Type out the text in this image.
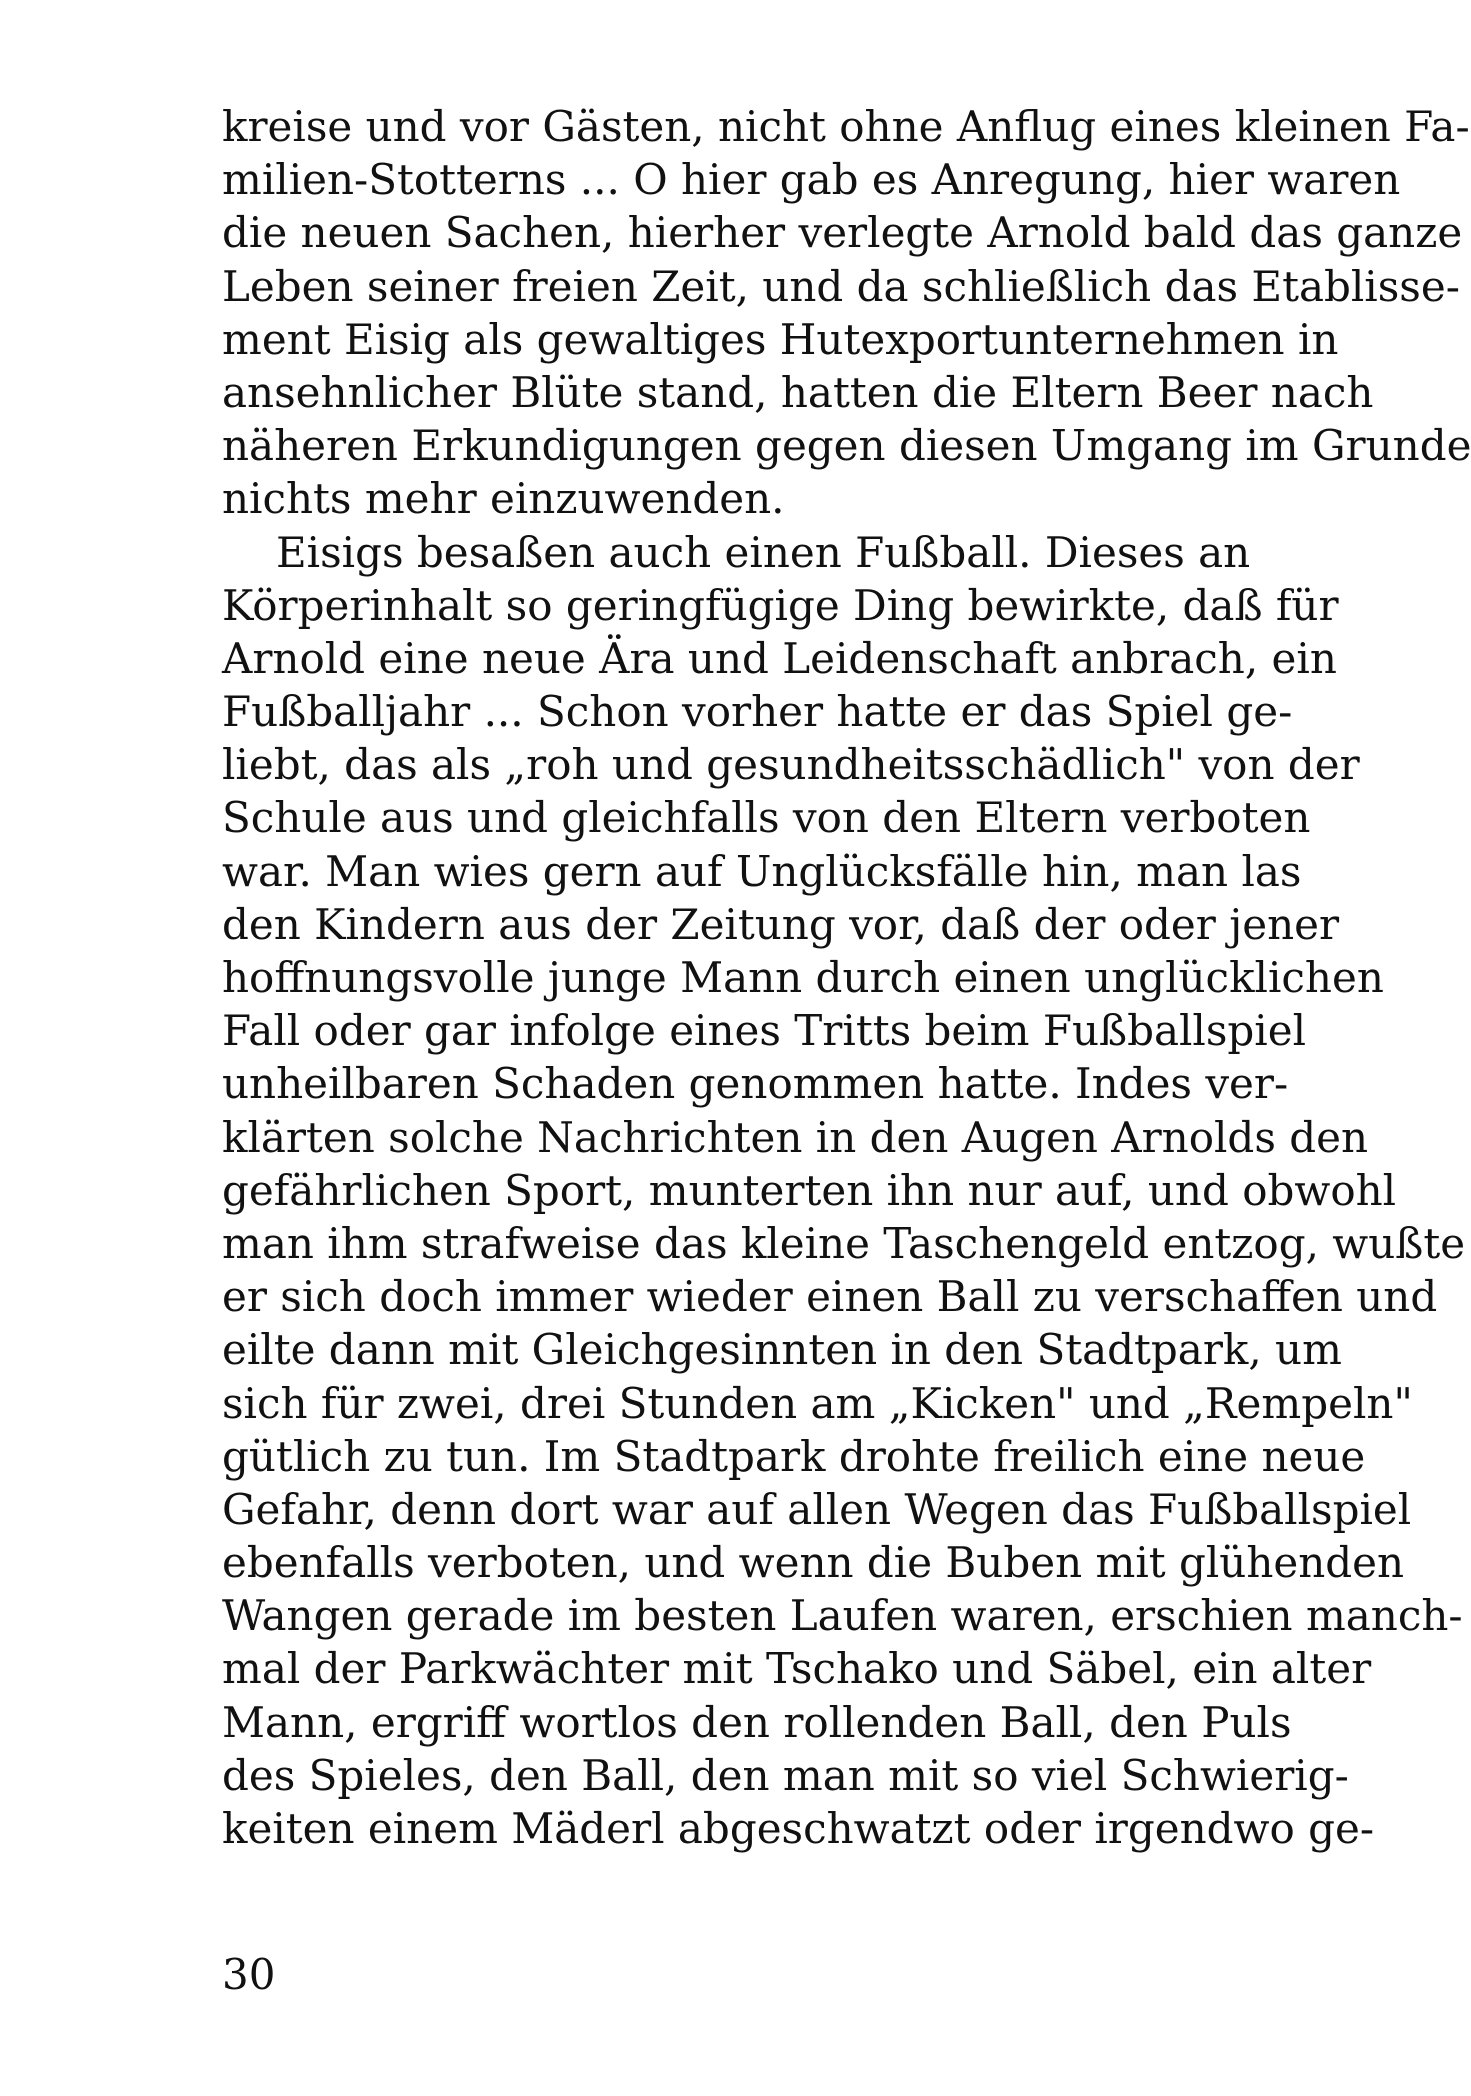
kreise und vor Gästen, nicht ohne Anflug eines kleinen Fa-
milien-Stotterns ... O hier gab es Anregung, hier waren
die neuen Sachen, hierher verlegte Arnold bald das ganze
Leben seiner freien Zeit, und da schließlich das Etablisse-
ment Eisig als gewaltiges Hutexportunternehmen in
ansehnlicher Blüte stand, hatten die Eltern Beer nach
näheren Erkundigungen gegen diesen Umgang im Grunde
nichts mehr einzuwenden.
Eisigs besaßen auch einen Fußball. Dieses an
Körperinhalt so geringfügige Ding bewirkte, daß für
Arnold eine neue Ära und Leidenschaft anbrach, ein
Fußballjahr ... Schon vorher hatte er das Spiel ge-
liebt, das als „roh und gesundheitsschädlich" von der
Schule aus und gleichfalls von den Eltern verboten
war. Man wies gern auf Unglücksfälle hin, man las
den Kindern aus der Zeitung vor, daß der oder jener
hoffnungsvolle junge Mann durch einen unglücklichen
Fall oder gar infolge eines Tritts beim Fußballspiel
unheilbaren Schaden genommen hatte. Indes ver-
klärten solche Nachrichten in den Augen Arnolds den
gefährlichen Sport, munterten ihn nur auf, und obwohl
man ihm strafweise das kleine Taschengeld entzog, wußte
er sich doch immer wieder einen Ball zu verschaffen und
eilte dann mit Gleichgesinnten in den Stadtpark, um
sich für zwei, drei Stunden am „Kicken" und „Rempeln"
gütlich zu tun. Im Stadtpark drohte freilich eine neue
Gefahr, denn dort war auf allen Wegen das Fußballspiel
ebenfalls verboten, und wenn die Buben mit glühenden
Wangen gerade im besten Laufen waren, erschien manch-
mal der Parkwächter mit Tschako und Säbel, ein alter
Mann, ergriff wortlos den rollenden Ball, den Puls
des Spieles, den Ball, den man mit so viel Schwierig-
keiten einem Mäderl abgeschwatzt oder irgendwo ge-
30
